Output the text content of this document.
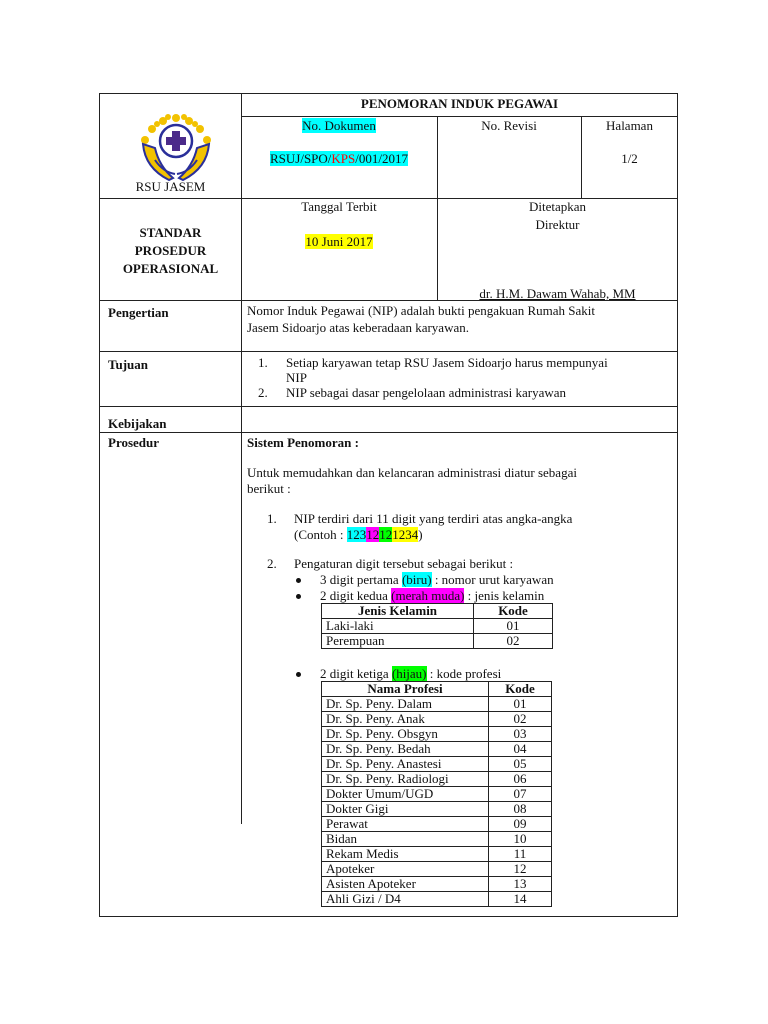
RSU JASEM
PENOMORAN INDUK PEGAWAI
No. Dokumen
RSUJ/SPO/KPS/001/2017
No. Revisi	Halaman
1/2
STANDAR
PROSEDUR
OPERASIONAL
Tanggal Terbit
10 Juni 2017
Ditetapkan
Direktur
dr. H.M. Dawam Wahab, MM
Pengertian	Nomor Induk Pegawai (NIP) adalah bukti pengakuan Rumah Sakit
Jasem Sidoarjo atas keberadaan karyawan.
Tujuan	1. Setiap karyawan tetap RSU Jasem Sidoarjo harus mempunyai
NIP
2. NIP sebagai dasar pengelolaan administrasi karyawan
Kebijakan
Prosedur	Sistem Penomoran :
Untuk memudahkan dan kelancaran administrasi diatur sebagai
berikut :
1. NIP terdiri dari 11 digit yang terdiri atas angka-angka
(Contoh : 12312121234)
2. Pengaturan digit tersebut sebagai berikut :
3 digit pertama (biru) : nomor urut karyawan
2 digit kedua (merah muda) : jenis kelamin
Jenis Kelamin	Kode
Laki-laki	01
Perempuan	02
2 digit ketiga (hijau) : kode profesi
Nama Profesi	Kode
Dr. Sp. Peny. Dalam	01
Dr. Sp. Peny. Anak	02
Dr. Sp. Peny. Obsgyn	03
Dr. Sp. Peny. Bedah	04
Dr. Sp. Peny. Anastesi	05
Dr. Sp. Peny. Radiologi	06
Dokter Umum/UGD	07
Dokter Gigi	08
Perawat	09
Bidan	10
Rekam Medis	11
Apoteker	12
Asisten Apoteker	13
Ahli Gizi / D4	14
